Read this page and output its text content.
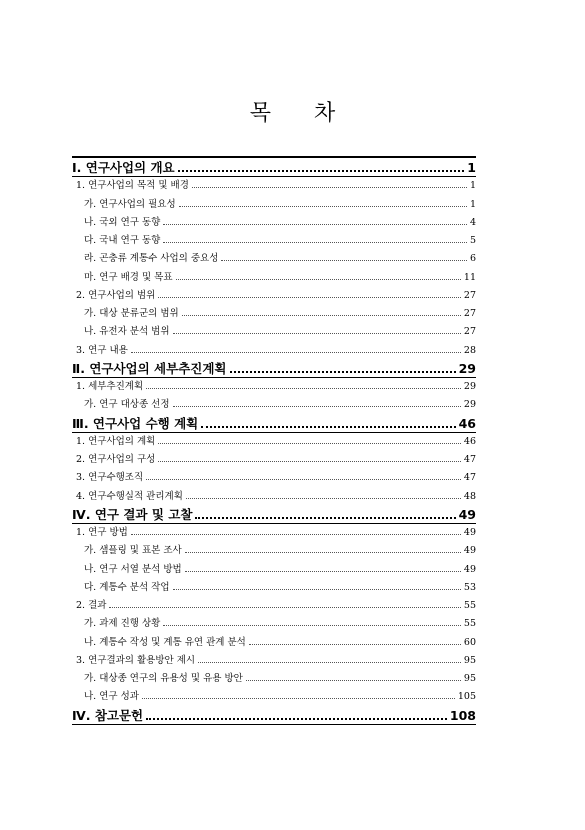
목 차
Ⅰ. 연구사업의 개요	1
1. 연구사업의 목적 및 배경	1
가. 연구사업의 필요성	1
나. 국외 연구 동향	4
다. 국내 연구 동향	5
라. 곤충류 계통수 사업의 중요성	6
마. 연구 배경 및 목표	11
2. 연구사업의 범위	27
가. 대상 분류군의 범위	27
나. 유전자 분석 범위	27
3. 연구 내용	28
Ⅱ. 연구사업의 세부추진계획	29
1. 세부추진계획	29
가. 연구 대상종 선정	29
Ⅲ. 연구사업 수행 계획	46
1. 연구사업의 계획	46
2. 연구사업의 구성	47
3. 연구수행조직	47
4. 연구수행실적 관리계획	48
Ⅳ. 연구 결과 및 고찰	49
1. 연구 방법	49
가. 샘플링 및 표본 조사	49
나. 연구 서열 분석 방법	49
다. 계통수 분석 작업	53
2. 결과	55
가. 과제 진행 상황	55
나. 계통수 작성 및 계통 유연 관계 분석	60
3. 연구결과의 활용방안 제시	95
가. 대상종 연구의 유용성 및 유용 방안	95
나. 연구 성과	105
Ⅳ. 참고문헌	108
